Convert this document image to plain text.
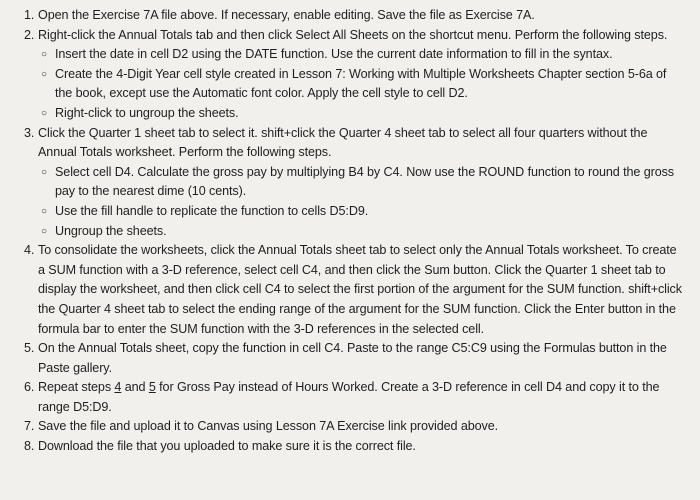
1. Open the Exercise 7A file above. If necessary, enable editing. Save the file as Exercise 7A.
2. Right-click the Annual Totals tab and then click Select All Sheets on the shortcut menu. Perform the following steps.
○ Insert the date in cell D2 using the DATE function. Use the current date information to fill in the syntax.
○ Create the 4-Digit Year cell style created in Lesson 7: Working with Multiple Worksheets Chapter section 5-6a of the book, except use the Automatic font color. Apply the cell style to cell D2.
○ Right-click to ungroup the sheets.
3. Click the Quarter 1 sheet tab to select it. shift+click the Quarter 4 sheet tab to select all four quarters without the Annual Totals worksheet. Perform the following steps.
○ Select cell D4. Calculate the gross pay by multiplying B4 by C4. Now use the ROUND function to round the gross pay to the nearest dime (10 cents).
○ Use the fill handle to replicate the function to cells D5:D9.
○ Ungroup the sheets.
4. To consolidate the worksheets, click the Annual Totals sheet tab to select only the Annual Totals worksheet. To create a SUM function with a 3-D reference, select cell C4, and then click the Sum button. Click the Quarter 1 sheet tab to display the worksheet, and then click cell C4 to select the first portion of the argument for the SUM function. shift+click the Quarter 4 sheet tab to select the ending range of the argument for the SUM function. Click the Enter button in the formula bar to enter the SUM function with the 3-D references in the selected cell.
5. On the Annual Totals sheet, copy the function in cell C4. Paste to the range C5:C9 using the Formulas button in the Paste gallery.
6. Repeat steps 4 and 5 for Gross Pay instead of Hours Worked. Create a 3-D reference in cell D4 and copy it to the range D5:D9.
7. Save the file and upload it to Canvas using Lesson 7A Exercise link provided above.
8. Download the file that you uploaded to make sure it is the correct file.
